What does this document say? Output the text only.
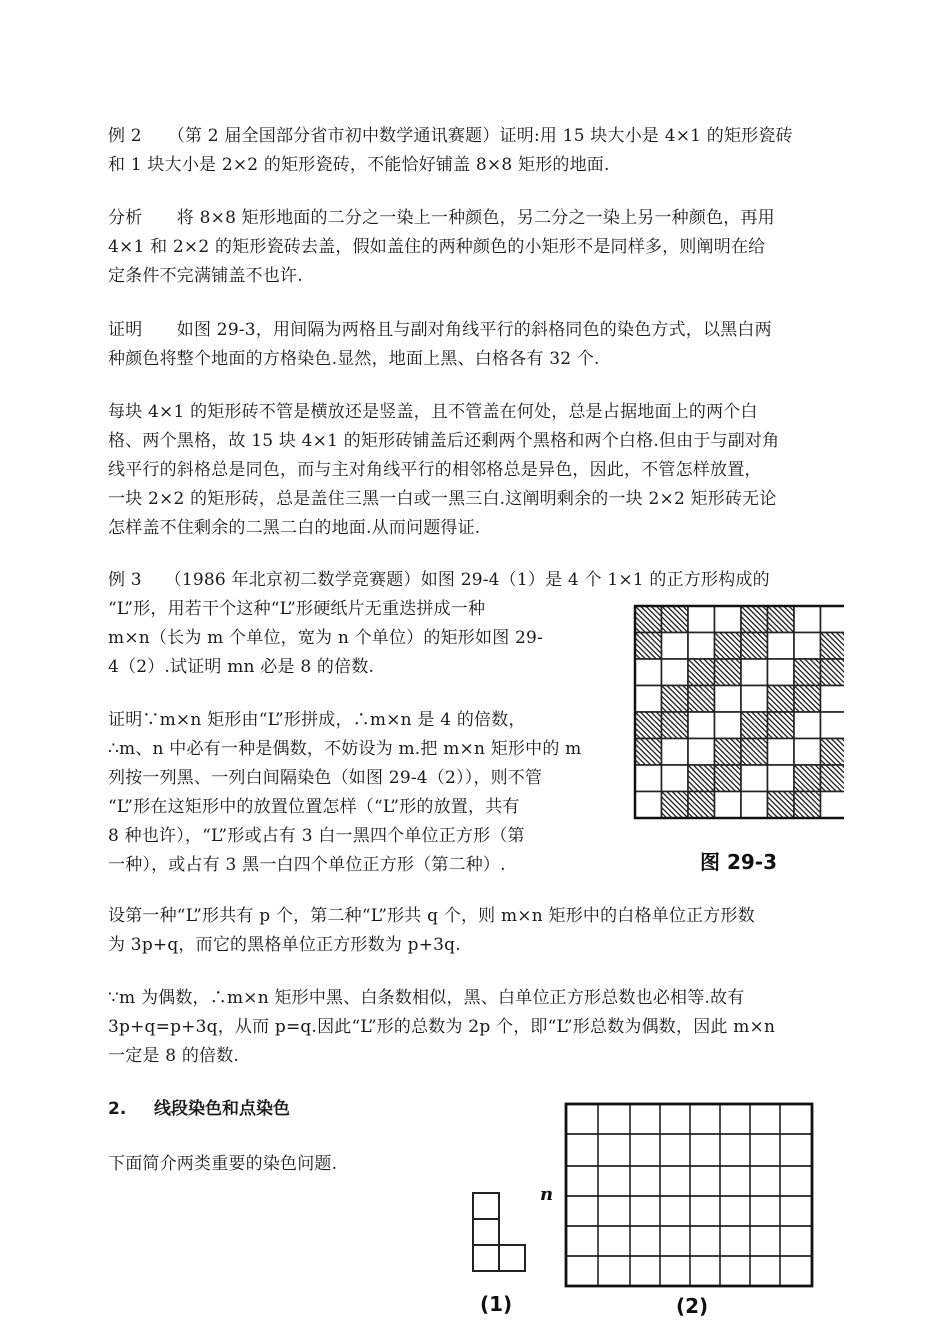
例 2　　（第 2 届全国部分省市初中数学通讯赛题）证明:用 15 块大小是 4×1 的矩形瓷砖
和 1 块大小是 2×2 的矩形瓷砖，不能恰好铺盖 8×8 矩形的地面.
分析　　将 8×8 矩形地面的二分之一染上一种颜色，另二分之一染上另一种颜色，再用
4×1 和 2×2 的矩形瓷砖去盖，假如盖住的两种颜色的小矩形不是同样多，则阐明在给
定条件不完满铺盖不也许.
证明　　如图 29-3，用间隔为两格且与副对角线平行的斜格同色的染色方式，以黑白两
种颜色将整个地面的方格染色.显然，地面上黑、白格各有 32 个.
每块 4×1 的矩形砖不管是横放还是竖盖，且不管盖在何处，总是占据地面上的两个白
格、两个黑格，故 15 块 4×1 的矩形砖铺盖后还剩两个黑格和两个白格.但由于与副对角
线平行的斜格总是同色，而与主对角线平行的相邻格总是异色，因此，不管怎样放置，
一块 2×2 的矩形砖，总是盖住三黑一白或一黑三白.这阐明剩余的一块 2×2 矩形砖无论
怎样盖不住剩余的二黑二白的地面.从而问题得证.
例 3　 （1986 年北京初二数学竞赛题）如图 29-4（1）是 4 个 1×1 的正方形构成的
“L”形，用若干个这种“L”形硬纸片无重迭拼成一种
m×n（长为 m 个单位，宽为 n 个单位）的矩形如图 29-
4（2）.试证明 mn 必是 8 的倍数.
证明∵m×n 矩形由“L”形拼成，∴m×n 是 4 的倍数，
∴m、n 中必有一种是偶数，不妨设为 m.把 m×n 矩形中的 m
列按一列黑、一列白间隔染色（如图 29-4（2）），则不管
“L”形在这矩形中的放置位置怎样（“L”形的放置，共有
8 种也许），“L”形或占有 3 白一黑四个单位正方形（第
一种），或占有 3 黑一白四个单位正方形（第二种）.
设第一种“L”形共有 p 个，第二种“L”形共 q 个，则 m×n 矩形中的白格单位正方形数
为 3p+q，而它的黑格单位正方形数为 p+3q.
∵m 为偶数，∴m×n 矩形中黑、白条数相似，黑、白单位正方形总数也必相等.故有
3p+q=p+3q，从而 p=q.因此“L”形的总数为 2p 个，即“L”形总数为偶数，因此 m×n
一定是 8 的倍数.
2. 线段染色和点染色
下面简介两类重要的染色问题.
图 29-3
(1)
n
(2)
